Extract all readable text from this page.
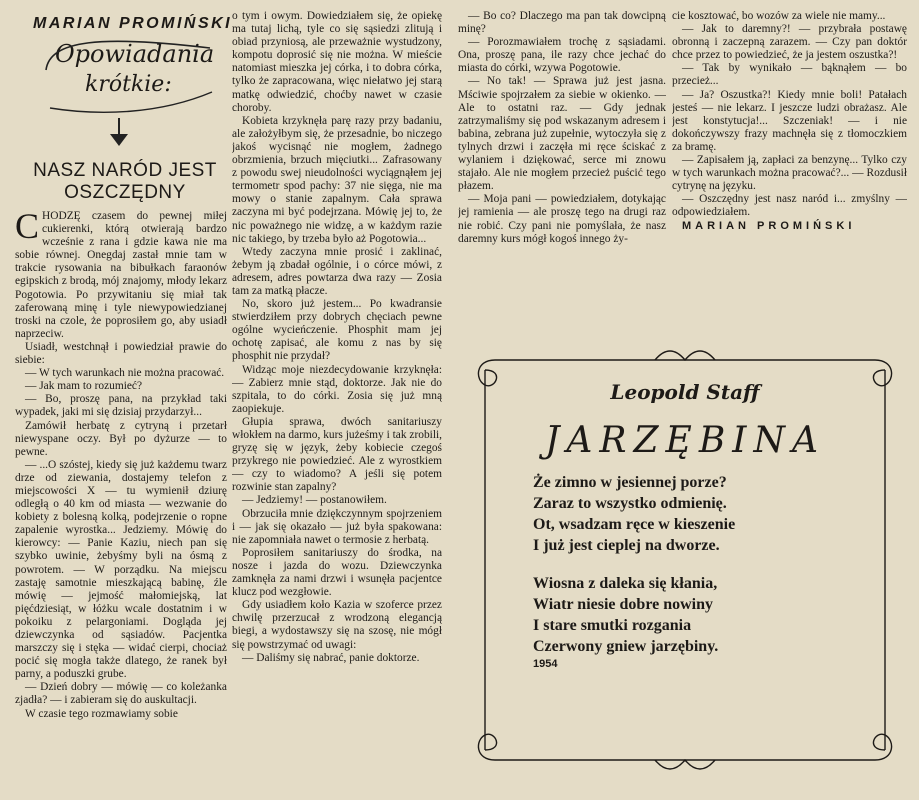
MARIAN PROMIŃSKI
Opowiadania
krótkie:
NASZ NARÓD JEST
OSZCZĘDNY

CHODZĘ czasem do pewnej miłej cukierenki, którą otwierają bardzo wcześnie z rana i gdzie kawa nie ma sobie równej. Onegdaj zastał mnie tam w trakcie rysowania na bibułkach faraonów egipskich z brodą, mój znajomy, młody lekarz Pogotowia. Po przywitaniu się miał tak zaferowaną minę i tyle niewypowiedzianej troski na czole, że poprosiłem go, aby usiadł naprzeciw.

Usiadł, westchnął i powiedział prawie do siebie:

— W tych warunkach nie można pracować.

— Jak mam to rozumieć?

— Bo, proszę pana, na przykład taki wypadek, jaki mi się dzisiaj przydarzył...

Zamówił herbatę z cytryną i przetarł niewyspane oczy. Był po dyżurze — to pewne.

— ...O szóstej, kiedy się już każdemu twarz drze od ziewania, dostajemy telefon z miejscowości X — tu wymienił dziurę odległą o 40 km od miasta — wezwanie do kobiety z bolesną kolką, podejrzenie o ropne zapalenie wyrostka... Jedziemy. Mówię do kierowcy: — Panie Kaziu, niech pan się szybko uwinie, żebyśmy byli na ósmą z powrotem. — W porządku. Na miejscu zastaję samotnie mieszkającą babinę, źle mówię — jejmość małomiejską, lat pięćdziesiąt, w łóżku wcale dostatnim i w pokoiku z pelargoniami. Dogląda jej dziewczynka od sąsiadów. Pacjentka marszczy się i stęka — widać cierpi, chociaż pocić się mogła także dlatego, że ranek był parny, a poduszki grube.

— Dzień dobry — mówię — co koleżanka zjadła? — i zabieram się do auskultacji.

W czasie tego rozmawiamy sobie

o tym i owym. Dowiedziałem się, że opiekę ma tutaj lichą, tyle co się sąsiedzi zlitują i obiad przyniosą, ale przeważnie wystudzony, kompotu doprosić się nie można. W mieście natomiast mieszka jej córka, i to dobra córka, tylko że zapracowana, więc niełatwo jej starą matkę odwiedzić, choćby nawet w czasie choroby.

Kobieta krzyknęła parę razy przy badaniu, ale założyłbym się, że przesadnie, bo niczego jakoś wycisnąć nie mogłem, żadnego obrzmienia, brzuch mięciutki... Zafrasowany z powodu swej nieudolności wyciągnąłem jej termometr spod pachy: 37 nie sięga, nie ma mowy o stanie zapalnym. Cała sprawa zaczyna mi być podejrzana. Mówię jej to, że nic poważnego nie widzę, a w każdym razie nic takiego, by trzeba było aż Pogotowia...

Wtedy zaczyna mnie prosić i zaklinać, żebym ją zbadał ogólnie, i o córce mówi, z adresem, adres powtarza dwa razy — Zosia tam za matką płacze.

No, skoro już jestem... Po kwadransie stwierdziłem przy dobrych chęciach pewne ogólne wycieńczenie. Phosphit mam jej ochotę zapisać, ale komu z nas by się phosphit nie przydał?

Widząc moje niezdecydowanie krzyknęła: — Zabierz mnie stąd, doktorze. Jak nie do szpitala, to do córki. Zosia się już mną zaopiekuje.

Głupia sprawa, dwóch sanitariuszy włokłem na darmo, kurs jużeśmy i tak zrobili, gryzę się w język, żeby kobiecie czegoś przykrego nie powiedzieć. Ale z wyrostkiem — czy to wiadomo? A jeśli się potem rozwinie stan zapalny?

— Jedziemy! — postanowiłem.

Obrzuciła mnie dziękczynnym spojrzeniem i — jak się okazało — już była spakowana: nie zapomniała nawet o termosie z herbatą.

Poprosiłem sanitariuszy do środka, na nosze i jazda do wozu. Dziewczynka zamknęła za nami drzwi i wsunęła pacjentce klucz pod wezgłowie.

Gdy usiadłem koło Kazia w szoferce przez chwilę przerzucał z wrodzoną elegancją biegi, a wydostawszy się na szosę, nie mógł się powstrzymać od uwagi:

— Daliśmy się nabrać, panie doktorze.

— Bo co? Dlaczego ma pan tak dowcipną minę?

— Porozmawiałem trochę z sąsiadami. Ona, proszę pana, ile razy chce jechać do miasta do córki, wzywa Pogotowie.

— No tak! — Sprawa już jest jasna. Mściwie spojrzałem za siebie w okienko. — Ale to ostatni raz. — Gdy jednak zatrzymaliśmy się pod wskazanym adresem i babina, zebrana już zupełnie, wytoczyła się z tylnych drzwi i zaczęła mi ręce ściskać z wylaniem i dziękować, serce mi znowu stajało. Ale nie mogłem przecież puścić tego płazem.

— Moja pani — powiedziałem, dotykając jej ramienia — ale proszę tego na drugi raz nie robić. Czy pani nie pomyślała, że nasz daremny kurs mógł kogoś innego ży-

cie kosztować, bo wozów za wiele nie mamy...

— Jak to daremny?! — przybrała postawę obronną i zaczepną zarazem. — Czy pan doktór chce przez to powiedzieć, że ja jestem oszustka?!

— Tak by wynikało — bąknąłem — bo przecież...

— Ja? Oszustka?! Kiedy mnie boli! Patałach jesteś — nie lekarz. I jeszcze ludzi obrażasz. Ale jest konstytucja!... Szczeniak! — i nie dokończywszy frazy machnęła się z tłomoczkiem za bramę.

— Zapisałem ją, zapłaci za benzynę... Tylko czy w tych warunkach można pracować?... — Rozdusił cytrynę na języku.

— Oszczędny jest nasz naród i... zmyślny — odpowiedziałem.

MARIAN PROMIŃSKI

Leopold Staff
JARZĘBINA
Że zimno w jesiennej porze?
Zaraz to wszystko odmienię.
Ot, wsadzam ręce w kieszenie
I już jest cieplej na dworze.
Wiosna z daleka się kłania,
Wiatr niesie dobre nowiny
I stare smutki rozgania
Czerwony gniew jarzębiny.
1954
